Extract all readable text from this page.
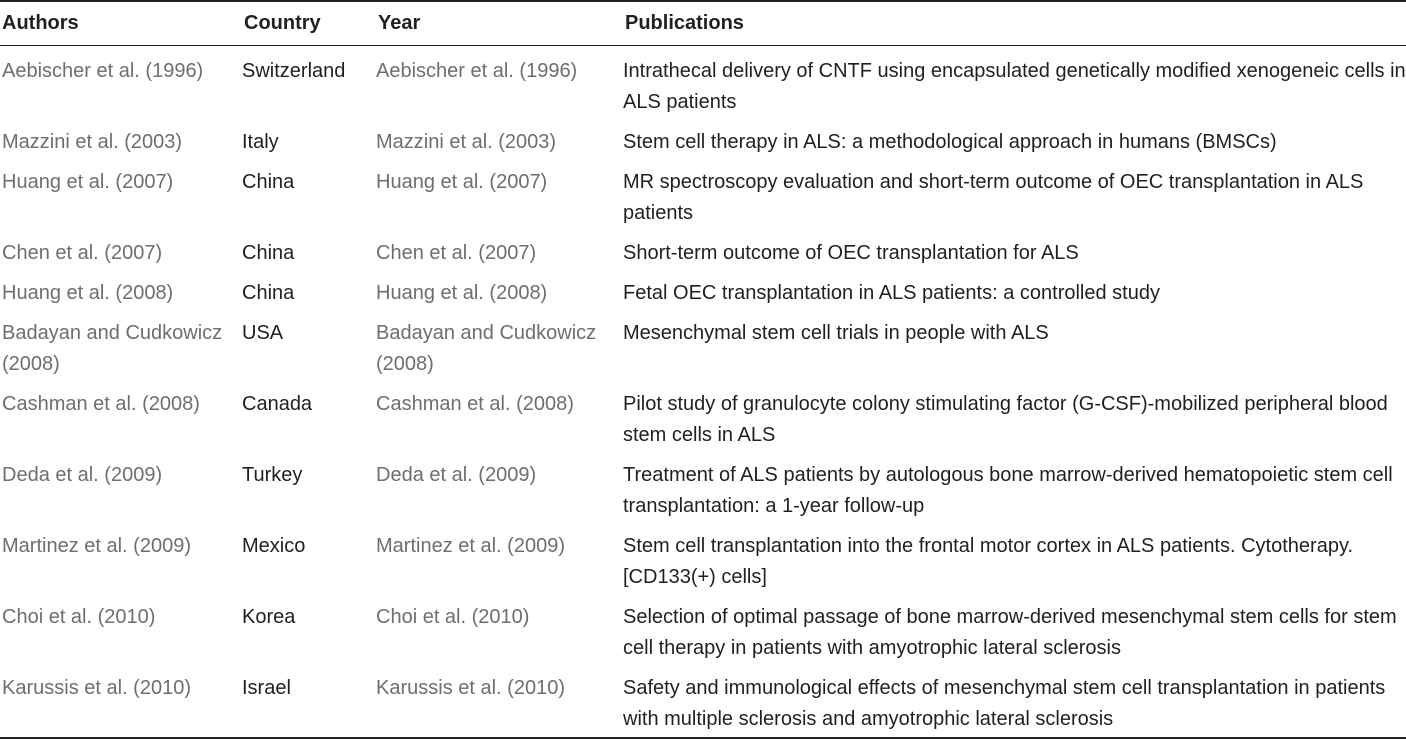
Authors	Country	Year	Publications
Aebischer et al. (1996)	Switzerland	Aebischer et al. (1996)	Intrathecal delivery of CNTF using encapsulated genetically modified xenogeneic cells in ALS patients
Mazzini et al. (2003)	Italy	Mazzini et al. (2003)	Stem cell therapy in ALS: a methodological approach in humans (BMSCs)
Huang et al. (2007)	China	Huang et al. (2007)	MR spectroscopy evaluation and short-term outcome of OEC transplantation in ALS patients
Chen et al. (2007)	China	Chen et al. (2007)	Short-term outcome of OEC transplantation for ALS
Huang et al. (2008)	China	Huang et al. (2008)	Fetal OEC transplantation in ALS patients: a controlled study
Badayan and Cudkowicz (2008)	USA	Badayan and Cudkowicz (2008)	Mesenchymal stem cell trials in people with ALS
Cashman et al. (2008)	Canada	Cashman et al. (2008)	Pilot study of granulocyte colony stimulating factor (G-CSF)-mobilized peripheral blood stem cells in ALS
Deda et al. (2009)	Turkey	Deda et al. (2009)	Treatment of ALS patients by autologous bone marrow-derived hematopoietic stem cell transplantation: a 1-year follow-up
Martinez et al. (2009)	Mexico	Martinez et al. (2009)	Stem cell transplantation into the frontal motor cortex in ALS patients. Cytotherapy. [CD133(+) cells]
Choi et al. (2010)	Korea	Choi et al. (2010)	Selection of optimal passage of bone marrow-derived mesenchymal stem cells for stem cell therapy in patients with amyotrophic lateral sclerosis
Karussis et al. (2010)	Israel	Karussis et al. (2010)	Safety and immunological effects of mesenchymal stem cell transplantation in patients with multiple sclerosis and amyotrophic lateral sclerosis
